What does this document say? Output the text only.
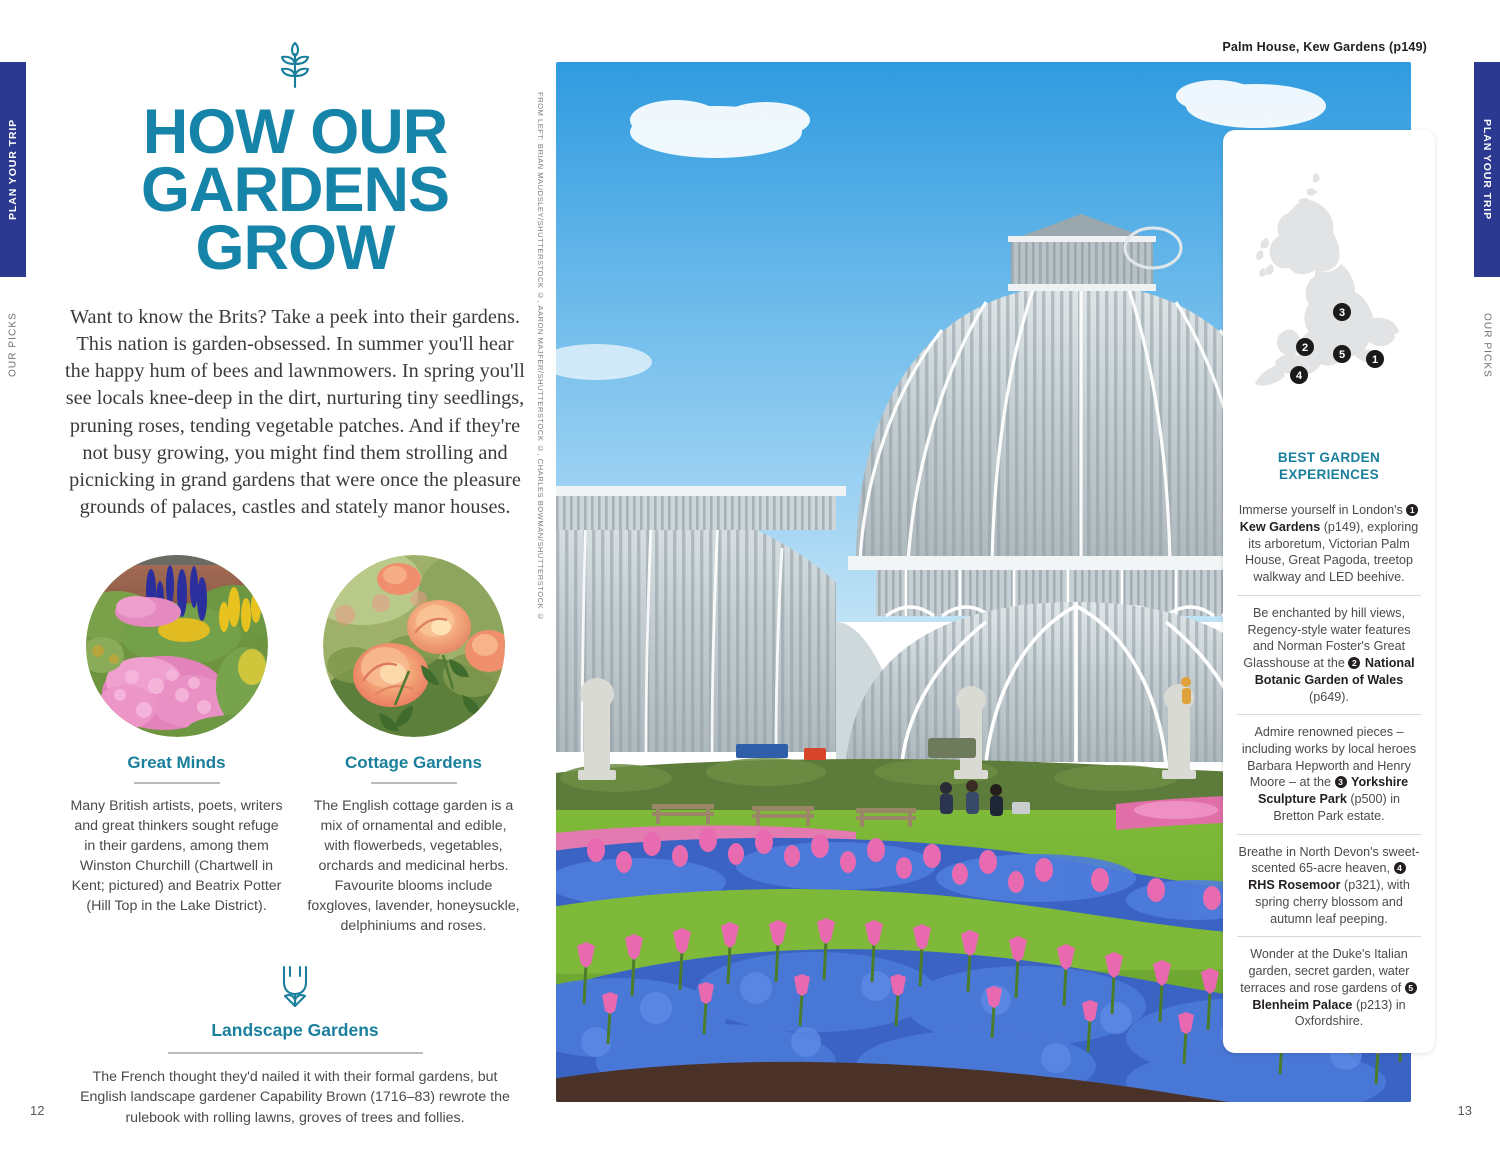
PLAN YOUR TRIP
OUR PICKS
PLAN YOUR TRIP
OUR PICKS
12	13
HOW OUR
GARDENS
GROW

Want to know the Brits? Take a peek into their gardens. This nation is garden-obsessed. In summer you'll hear the happy hum of bees and lawnmowers. In spring you'll see locals knee-deep in the dirt, nurturing tiny seedlings, pruning roses, tending vegetable patches. And if they're not busy growing, you might find them strolling and picnicking in grand gardens that were once the pleasure grounds of palaces, castles and stately manor houses.

Great Minds

Many British artists, poets, writers and great thinkers sought refuge in their gardens, among them Winston Churchill (Chartwell in Kent; pictured) and Beatrix Potter (Hill Top in the Lake District).

Cottage Gardens

The English cottage garden is a mix of ornamental and edible, with flowerbeds, vegetables, orchards and medicinal herbs. Favourite blooms include foxgloves, lavender, honeysuckle, delphiniums and roses.

Landscape Gardens

The French thought they'd nailed it with their formal gardens, but English landscape gardener Capability Brown (1716–83) rewrote the rulebook with rolling lawns, groves of trees and follies.

Palm House, Kew Gardens (p149)
FROM LEFT: BRIAN MAUDSLEY/SHUTTERSTOCK ©, AARON MAJFER/SHUTTERSTOCK ©, CHARLES BOWMAN/SHUTTERSTOCK ©	1
2
3
4
5
BEST GARDEN
EXPERIENCES
Immerse yourself in London's 1 Kew Gardens (p149), exploring its arboretum, Victorian Palm House, Great Pagoda, treetop walkway and LED beehive.
Be enchanted by hill views, Regency-style water features and Norman Foster's Great Glasshouse at the 2 National Botanic Garden of Wales (p649).
Admire renowned pieces – including works by local heroes Barbara Hepworth and Henry Moore – at the 3 Yorkshire Sculpture Park (p500) in Bretton Park estate.
Breathe in North Devon's sweet-scented 65-acre heaven, 4 RHS Rosemoor (p321), with spring cherry blossom and autumn leaf peeping.
Wonder at the Duke's Italian garden, secret garden, water terraces and rose gardens of 5 Blenheim Palace (p213) in Oxfordshire.
